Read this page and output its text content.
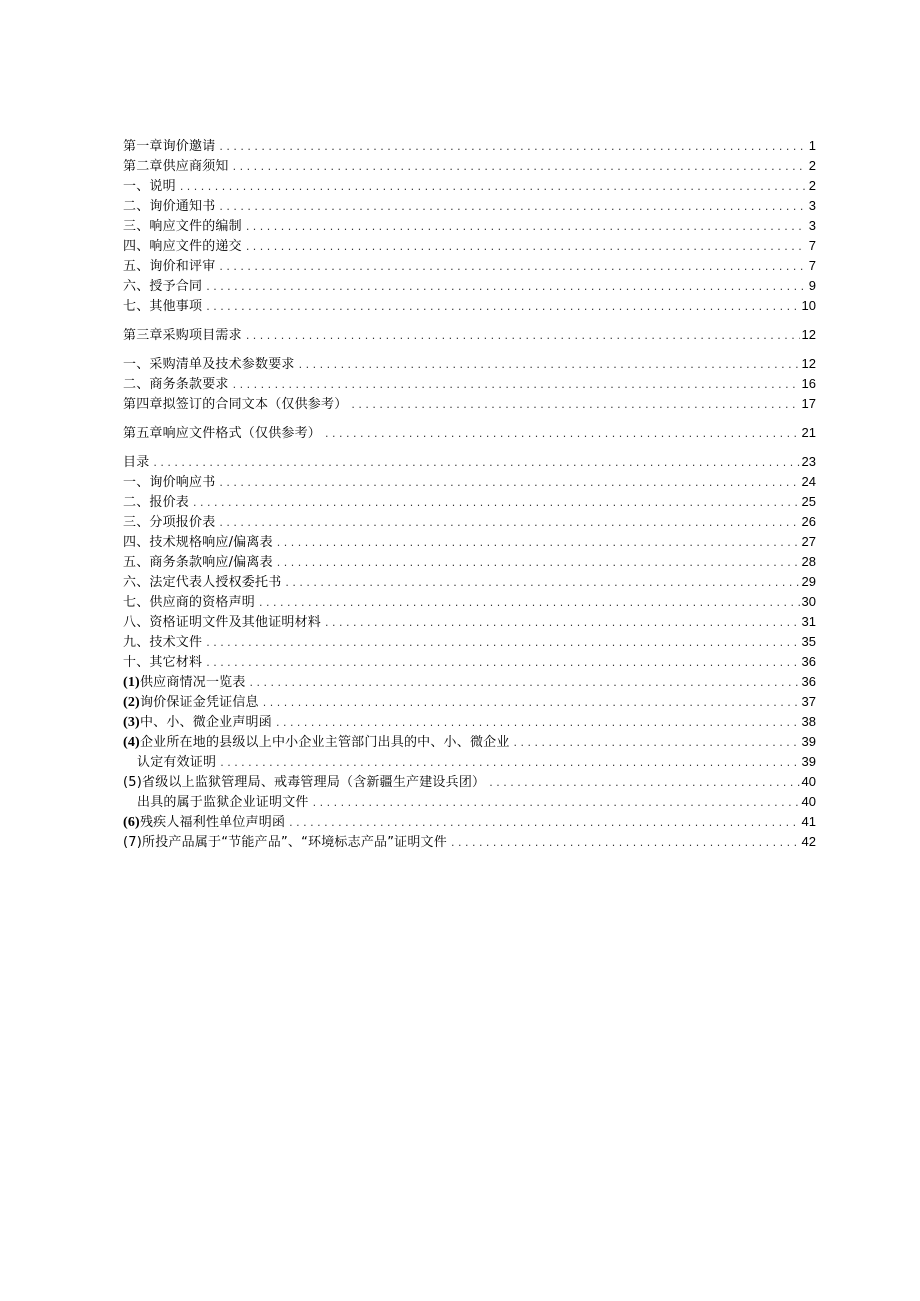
第一章询价邀请 . . .	1
第二章供应商须知 . . .	2
一、说明 . . .	2
二、询价通知书 . . .	3
三、响应文件的编制 . . .	3
四、响应文件的递交 . . .	7
五、询价和评审 . . .	7
六、授予合同 . . .	9
七、其他事项 . . .	10
第三章采购项目需求 . . .	12
一、采购清单及技术参数要求 . . .	12
二、商务条款要求 . . .	16
第四章拟签订的合同文本（仅供参考） . . .	17
第五章响应文件格式（仅供参考） . . .	21
目录 . . .	23
一、询价响应书 . . .	24
二、报价表 . . .	25
三、分项报价表 . . .	26
四、技术规格响应/偏离表 . . .	27
五、商务条款响应/偏离表 . . .	28
六、法定代表人授权委托书 . . .	29
七、供应商的资格声明 . . .	30
八、资格证明文件及其他证明材料 . . .	31
九、技术文件 . . .	35
十、其它材料 . . .	36
(1)供应商情况一览表 . . .	36
(2)询价保证金凭证信息 . . .	37
(3)中、小、微企业声明函 . . .	38
(4)企业所在地的县级以上中小企业主管部门出具的中、小、微企业 . . .	39
认定有效证明 . . .	39
(5)省级以上监狱管理局、戒毒管理局（含新疆生产建设兵团） . . .	40
出具的属于监狱企业证明文件 . . .	40
(6)残疾人福利性单位声明函 . . .	41
(7)所投产品属于“节能产品”、“环境标志产品”证明文件 . . .	42
